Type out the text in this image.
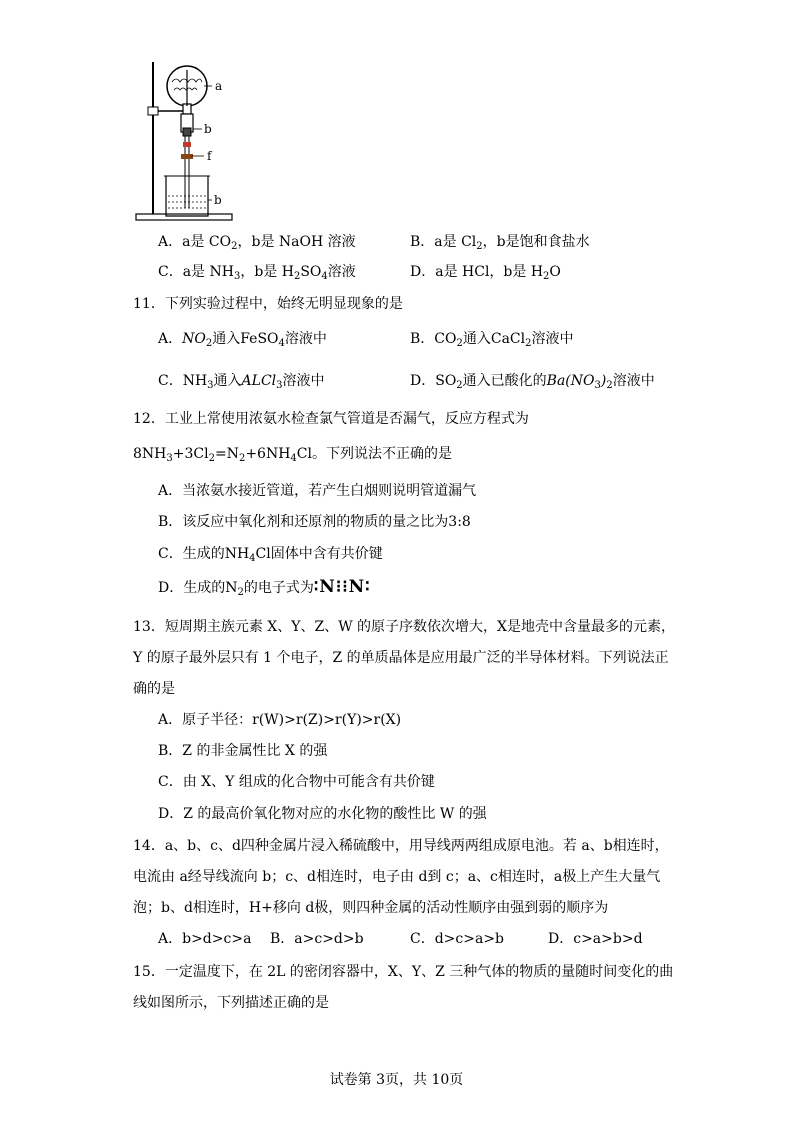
a
b
f
b
A．a是 $CO_2$，b是 NaOH 溶液	B．a是 $Cl_2$，b是饱和食盐水
C．a是 $NH_3$，b是 $H_2SO_4$溶液	D．a是 HCl，b是 $H_2O$
11．下列实验过程中，始终无明显现象的是
A．$NO_2$通入FeSO$_4$溶液中	B．$CO_2$通入CaCl$_2$溶液中
C．$NH_3$通入ALCl$_3$溶液中	D．$SO_2$通入已酸化的$Ba(NO_3)_2$溶液中
12．工业上常使用浓氨水检查氯气管道是否漏气，反应方程式为
$8NH_3+3Cl_2=N_2+6NH_4Cl$。下列说法不正确的是
A．当浓氨水接近管道，若产生白烟则说明管道漏气
B．该反应中氧化剂和还原剂的物质的量之比为3:8
C．生成的$NH_4Cl$固体中含有共价键
D．生成的$N_2$的电子式为∶N⁝⁝N∶
13．短周期主族元素 X、Y、Z、W 的原子序数依次增大，X是地壳中含量最多的元素，
Y 的原子最外层只有 1 个电子，Z 的单质晶体是应用最广泛的半导体材料。下列说法正
确的是
A．原子半径：r(W)>r(Z)>r(Y)>r(X)
B．Z 的非金属性比 X 的强
C．由 X、Y 组成的化合物中可能含有共价键
D．Z 的最高价氧化物对应的水化物的酸性比 W 的强
14．a、b、c、d四种金属片浸入稀硫酸中，用导线两两组成原电池。若 a、b相连时，
电流由 a经导线流向 b；c、d相连时，电子由 d到 c；a、c相连时，a极上产生大量气
泡；b、d相连时，H+移向 d极，则四种金属的活动性顺序由强到弱的顺序为
A．b>d>c>a B．a>c>d>b	C．d>c>a>b	D．c>a>b>d
15．一定温度下，在 2L 的密闭容器中，X、Y、Z 三种气体的物质的量随时间变化的曲
线如图所示，下列描述正确的是
试卷第 3页，共 10页
